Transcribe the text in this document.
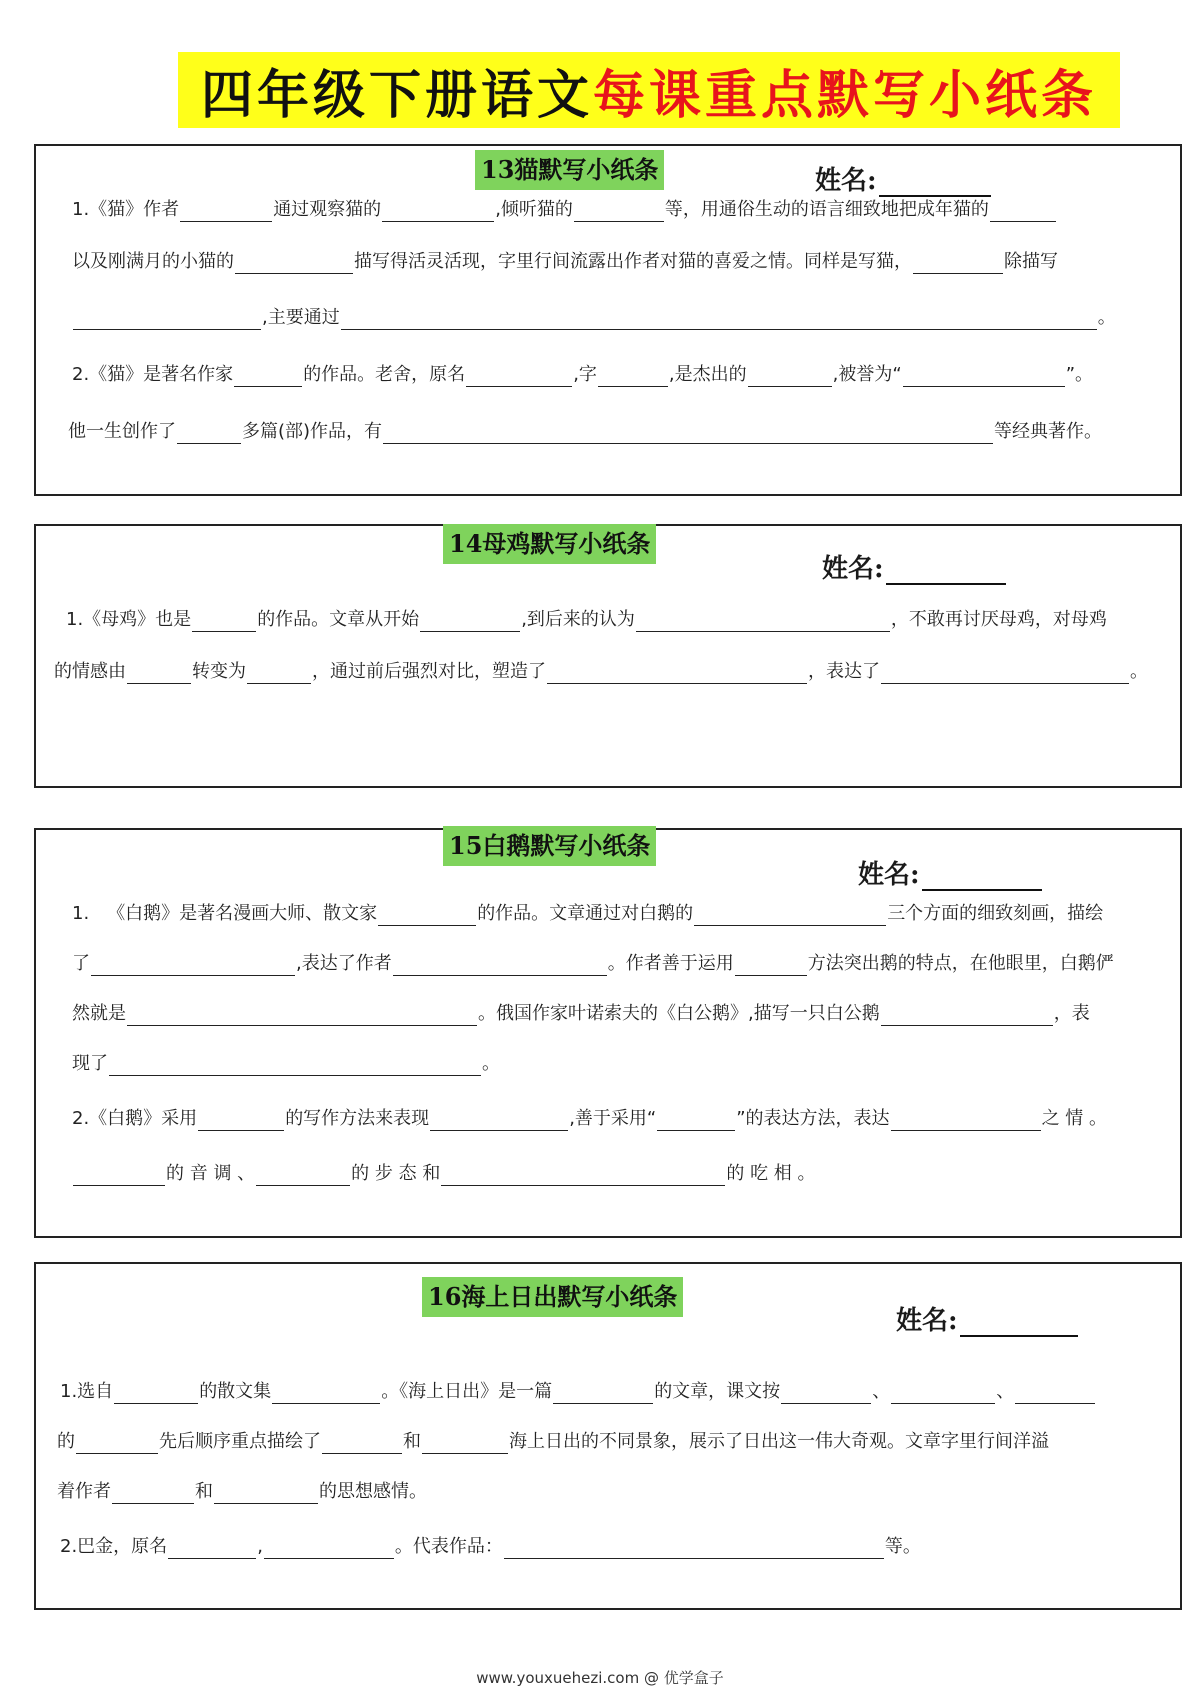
四年级下册语文 每课重点默写小纸条
13猫默写小纸条	姓名:
1.《猫》作者	通过观察猫的	,倾听猫的	等，用通俗生动的语言细致地把成年猫的
以及刚满月的小猫的	描写得活灵活现，字里行间流露出作者对猫的喜爱之情。同样是写猫，	除描写
,主要通过	。
2.《猫》是著名作家	的作品。老舍，原名	,字	,是杰出的	,被誉为“	”。
他一生创作了	多篇(部)作品，有	等经典著作。
14母鸡默写小纸条
姓名:
1.《母鸡》也是	的作品。文章从开始	,到后来的认为	，不敢再讨厌母鸡，对母鸡
的情感由	转变为	，通过前后强烈对比，塑造了	，表达了	。
15白鹅默写小纸条
姓名:
1. 《白鹅》是著名漫画大师、散文家	的作品。文章通过对白鹅的	三个方面的细致刻画，描绘
了	,表达了作者	。作者善于运用	方法突出鹅的特点，在他眼里，白鹅俨
然就是	。俄国作家叶诺索夫的《白公鹅》,描写一只白公鹅	，表
现了	。
2.《白鹅》采用	的写作方法来表现	,善于采用“	”的表达方法，表达	之 情 。
的 音 调 、	的 步 态 和	的 吃 相 。
16海上日出默写小纸条
姓名:
1.选自	的散文集	。《海上日出》是一篇	的文章，课文按	、	、
的	先后顺序重点描绘了	和	海上日出的不同景象，展示了日出这一伟大奇观。文章字里行间洋溢
着作者	和	的思想感情。
2.巴金，原名	,	。代表作品：	等。
www.youxuehezi.com @ 优学盒子
